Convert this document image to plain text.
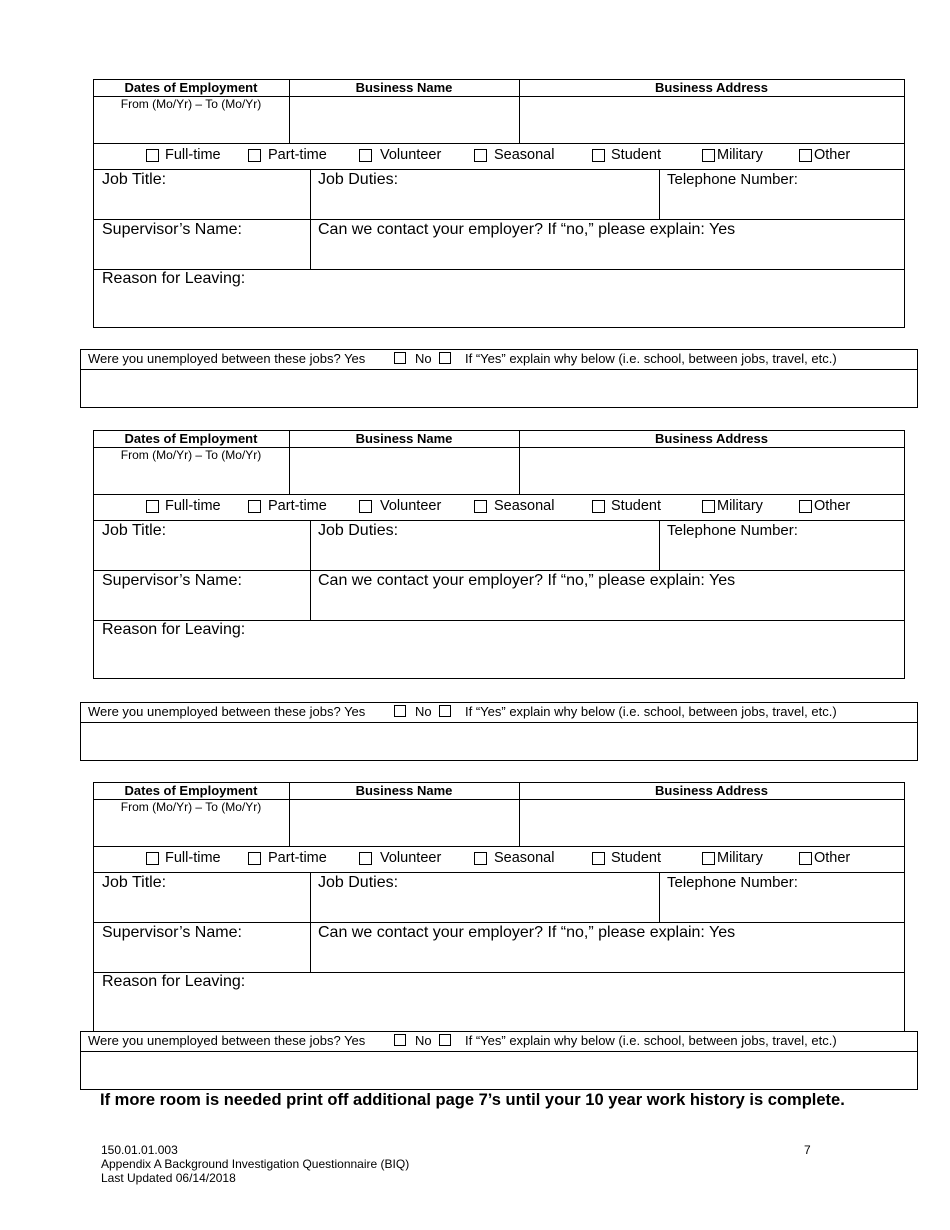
Dates of Employment	Business Name	Business Address
From (Mo/Yr) – To (Mo/Yr)
Full-time	Part-time	Volunteer	Seasonal	Student	Military	Other
Job Title:	Job Duties:	Telephone Number:
Supervisor’s Name:	Can we contact your employer? If “no,” please explain: Yes
Reason for Leaving:
Dates of Employment	Business Name	Business Address
From (Mo/Yr) – To (Mo/Yr)
Full-time	Part-time	Volunteer	Seasonal	Student	Military	Other
Job Title:	Job Duties:	Telephone Number:
Supervisor’s Name:	Can we contact your employer? If “no,” please explain: Yes
Reason for Leaving:
Dates of Employment	Business Name	Business Address
From (Mo/Yr) – To (Mo/Yr)
Full-time	Part-time	Volunteer	Seasonal	Student	Military	Other
Job Title:	Job Duties:	Telephone Number:
Supervisor’s Name:	Can we contact your employer? If “no,” please explain: Yes
Reason for Leaving:
Were you unemployed between these jobs? Yes	No	If “Yes” explain why below (i.e. school, between jobs, travel, etc.)
Were you unemployed between these jobs? Yes	No	If “Yes” explain why below (i.e. school, between jobs, travel, etc.)
Were you unemployed between these jobs? Yes	No	If “Yes” explain why below (i.e. school, between jobs, travel, etc.)
If more room is needed print off additional page 7’s until your 10 year work history is complete.
150.01.01.003
Appendix A Background Investigation Questionnaire (BIQ)
Last Updated 06/14/2018
7
